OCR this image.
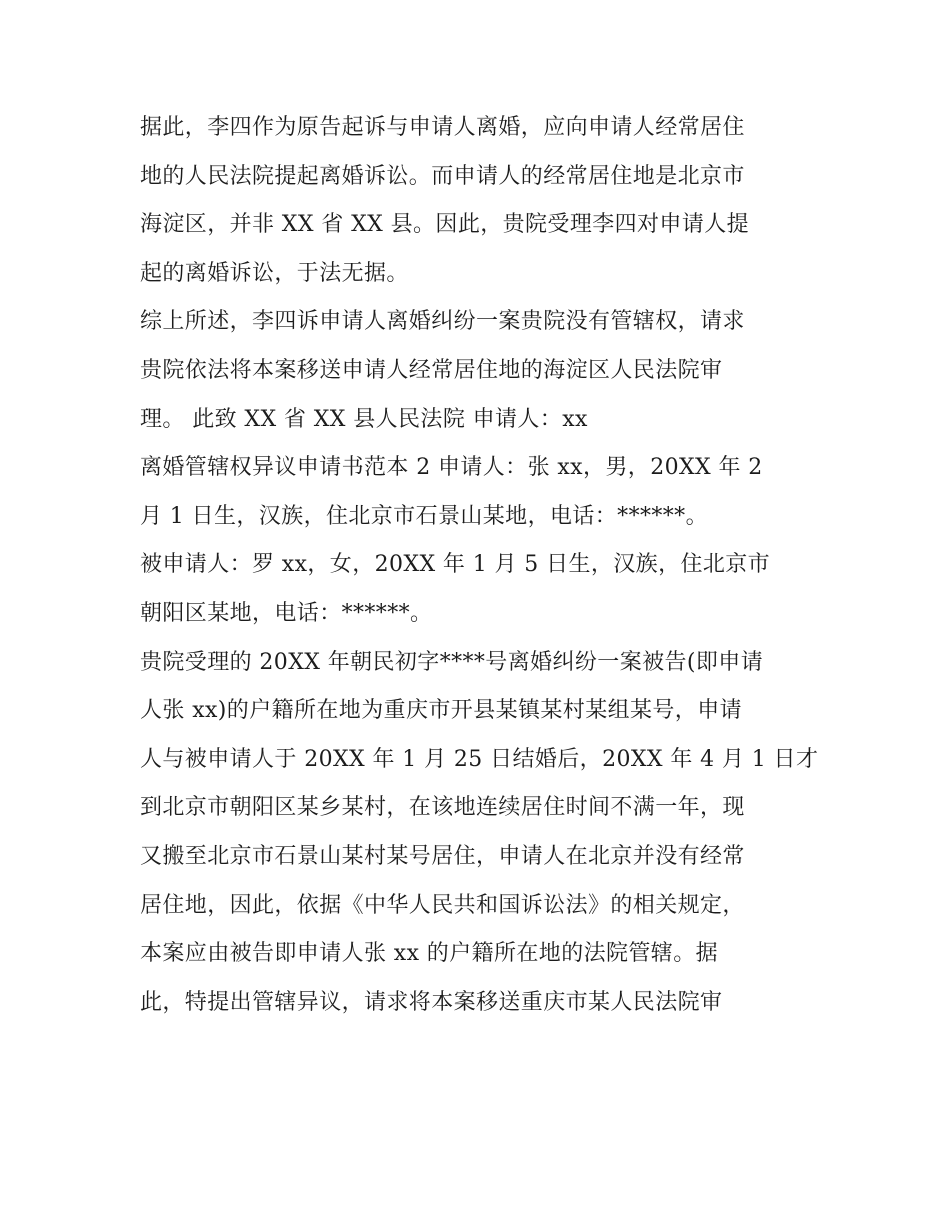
据此，李四作为原告起诉与申请人离婚，应向申请人经常居住
地的人民法院提起离婚诉讼。而申请人的经常居住地是北京市
海淀区，并非 XX 省 XX 县。因此，贵院受理李四对申请人提
起的离婚诉讼，于法无据。
综上所述，李四诉申请人离婚纠纷一案贵院没有管辖权，请求
贵院依法将本案移送申请人经常居住地的海淀区人民法院审
理。 此致 XX 省 XX 县人民法院 申请人：xx
离婚管辖权异议申请书范本 2 申请人：张 xx，男，20XX 年 2
月 1 日生，汉族，住北京市石景山某地，电话：******。
被申请人：罗 xx，女，20XX 年 1 月 5 日生，汉族，住北京市
朝阳区某地，电话：******。
贵院受理的 20XX 年朝民初字****号离婚纠纷一案被告(即申请
人张 xx)的户籍所在地为重庆市开县某镇某村某组某号，申请
人与被申请人于 20XX 年 1 月 25 日结婚后，20XX 年 4 月 1 日才
到北京市朝阳区某乡某村，在该地连续居住时间不满一年，现
又搬至北京市石景山某村某号居住，申请人在北京并没有经常
居住地，因此，依据《中华人民共和国诉讼法》的相关规定，
本案应由被告即申请人张 xx 的户籍所在地的法院管辖。据
此，特提出管辖异议，请求将本案移送重庆市某人民法院审
